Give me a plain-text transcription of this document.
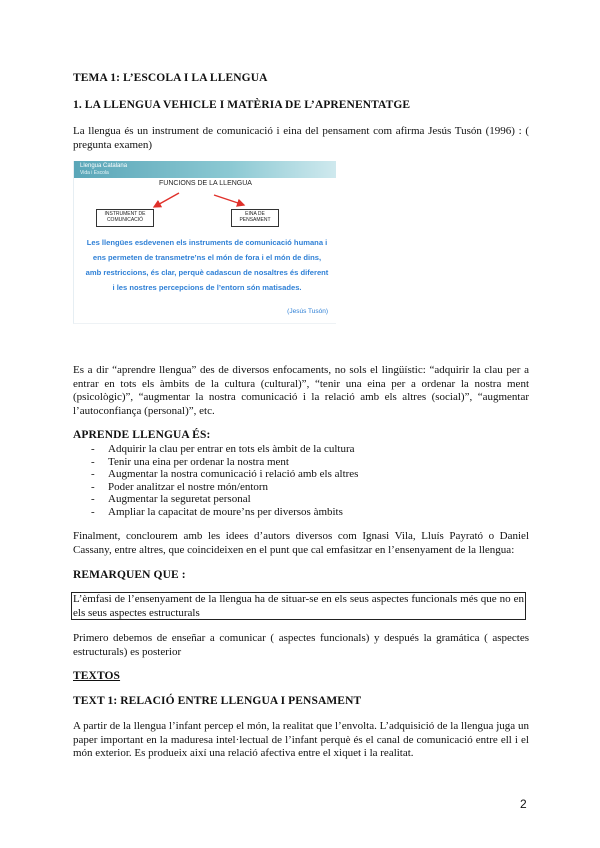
TEMA 1: L’ESCOLA I LA LLENGUA
1. LA LLENGUA VEHICLE I MATÈRIA DE L’APRENENTATGE
La llengua és un instrument de comunicació i eina del pensament com afirma Jesús Tusón (1996) : ( pregunta examen)
Llengua Catalana
Vida i Escola
FUNCIONS DE LA LLENGUA
INSTRUMENT DE COMUNICACIÓ
EINA DE PENSAMENT
Les llengües esdevenen els instruments de comunicació humana i ens permeten de transmetre’ns el món de fora i el món de dins, amb restriccions, és clar, perquè cadascun de nosaltres és diferent i les nostres percepcions de l’entorn són matisades.
(Jesús Tusón)
Es a dir “aprendre llengua” des de diversos enfocaments, no sols el lingüístic: “adquirir la clau per a entrar en tots els àmbits de la cultura (cultural)”, “tenir una eina per a ordenar la nostra ment (psicològic)”, “augmentar la nostra comunicació i la relació amb els altres (social)”, “augmentar l’autoconfiança (personal)”, etc.
APRENDE LLENGUA ÉS:
- Adquirir la clau per entrar en tots els àmbit de la cultura
- Tenir una eina per ordenar la nostra ment
- Augmentar la nostra comunicació i relació amb els altres
- Poder analitzar el nostre món/entorn
- Augmentar la seguretat personal
- Ampliar la capacitat de moure’ns per diversos àmbits
Finalment, conclourem amb les idees d’autors diversos com Ignasi Vila, Lluís Payrató o Daniel Cassany, entre altres, que coincideixen en el punt que cal emfasitzar en l’ensenyament de la llengua:
REMARQUEN QUE :
L’èmfasi de l’ensenyament de la llengua ha de situar-se en els seus aspectes funcionals més que no en els seus aspectes estructurals
Primero debemos de enseñar a comunicar ( aspectes funcionals) y después la gramática ( aspectes estructurals) es posterior
TEXTOS
TEXT 1: RELACIÓ ENTRE LLENGUA I PENSAMENT
A partir de la llengua l’infant percep el món, la realitat que l’envolta. L’adquisició de la llengua juga un paper important en la maduresa intel·lectual de l’infant perquè és el canal de comunicació entre ell i el món exterior. Es produeix així una relació afectiva entre el xiquet i la realitat.
2
